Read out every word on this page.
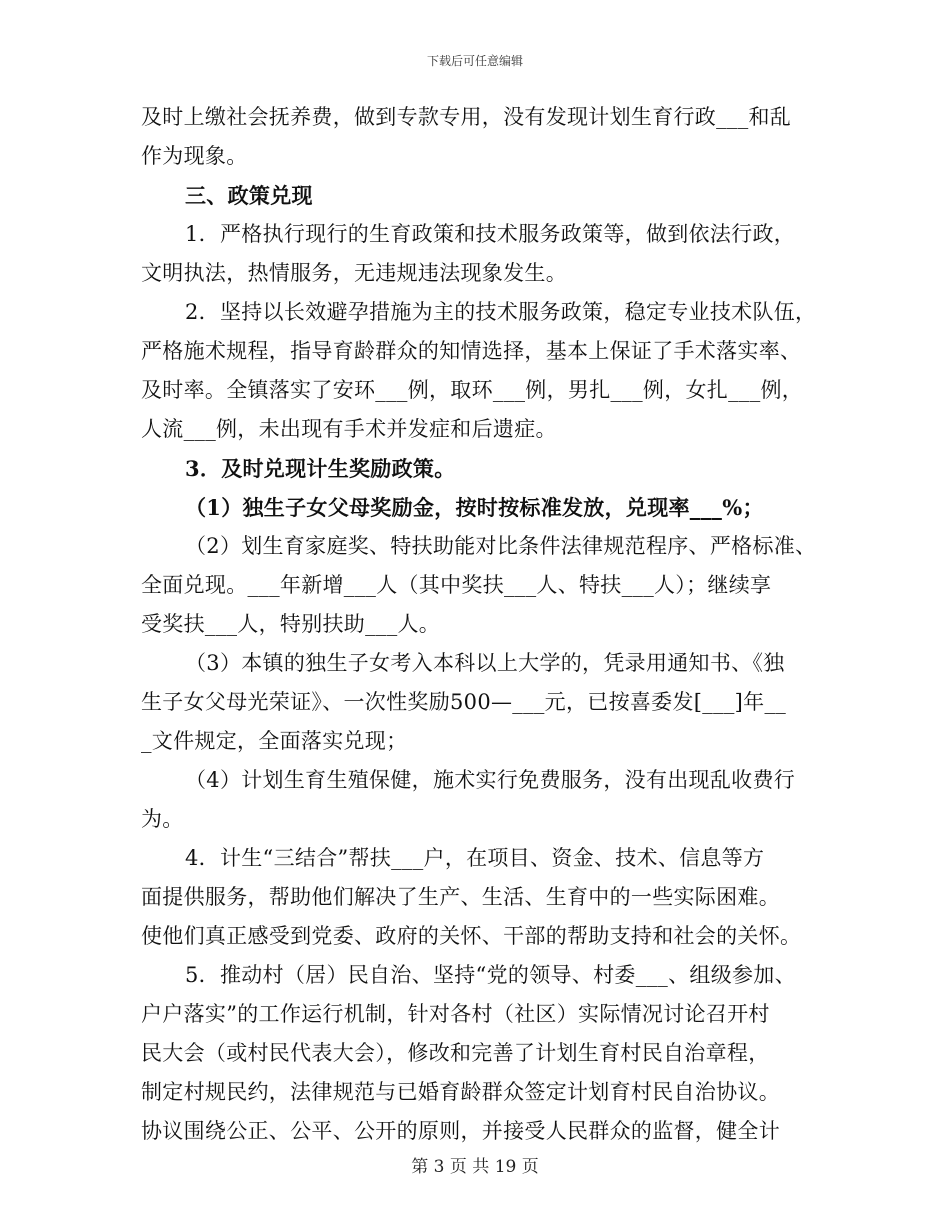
下载后可任意编辑
及时上缴社会抚养费，做到专款专用，没有发现计划生育行政___和乱
作为现象。
三、政策兑现
1．严格执行现行的生育政策和技术服务政策等，做到依法行政，
文明执法，热情服务，无违规违法现象发生。
2．坚持以长效避孕措施为主的技术服务政策，稳定专业技术队伍，
严格施术规程，指导育龄群众的知情选择，基本上保证了手术落实率、
及时率。全镇落实了安环___例，取环___例，男扎___例，女扎___例，
人流___例，未出现有手术并发症和后遗症。
3．及时兑现计生奖励政策。
（1）独生子女父母奖励金，按时按标准发放，兑现率___%；
（2）划生育家庭奖、特扶助能对比条件法律规范程序、严格标准、
全面兑现。___年新增___人（其中奖扶___人、特扶___人）；继续享
受奖扶___人，特别扶助___人。
（3）本镇的独生子女考入本科以上大学的，凭录用通知书、《独
生子女父母光荣证》、一次性奖励500—___元，已按喜委发[___]年__
_文件规定，全面落实兑现；
（4）计划生育生殖保健，施术实行免费服务，没有出现乱收费行
为。
4．计生“三结合”帮扶___户，在项目、资金、技术、信息等方
面提供服务，帮助他们解决了生产、生活、生育中的一些实际困难。
使他们真正感受到党委、政府的关怀、干部的帮助支持和社会的关怀。
5．推动村（居）民自治、坚持“党的领导、村委___、组级参加、
户户落实”的工作运行机制，针对各村（社区）实际情况讨论召开村
民大会（或村民代表大会），修改和完善了计划生育村民自治章程，
制定村规民约，法律规范与已婚育龄群众签定计划育村民自治协议。
协议围绕公正、公平、公开的原则，并接受人民群众的监督，健全计
第 3 页 共 19 页
